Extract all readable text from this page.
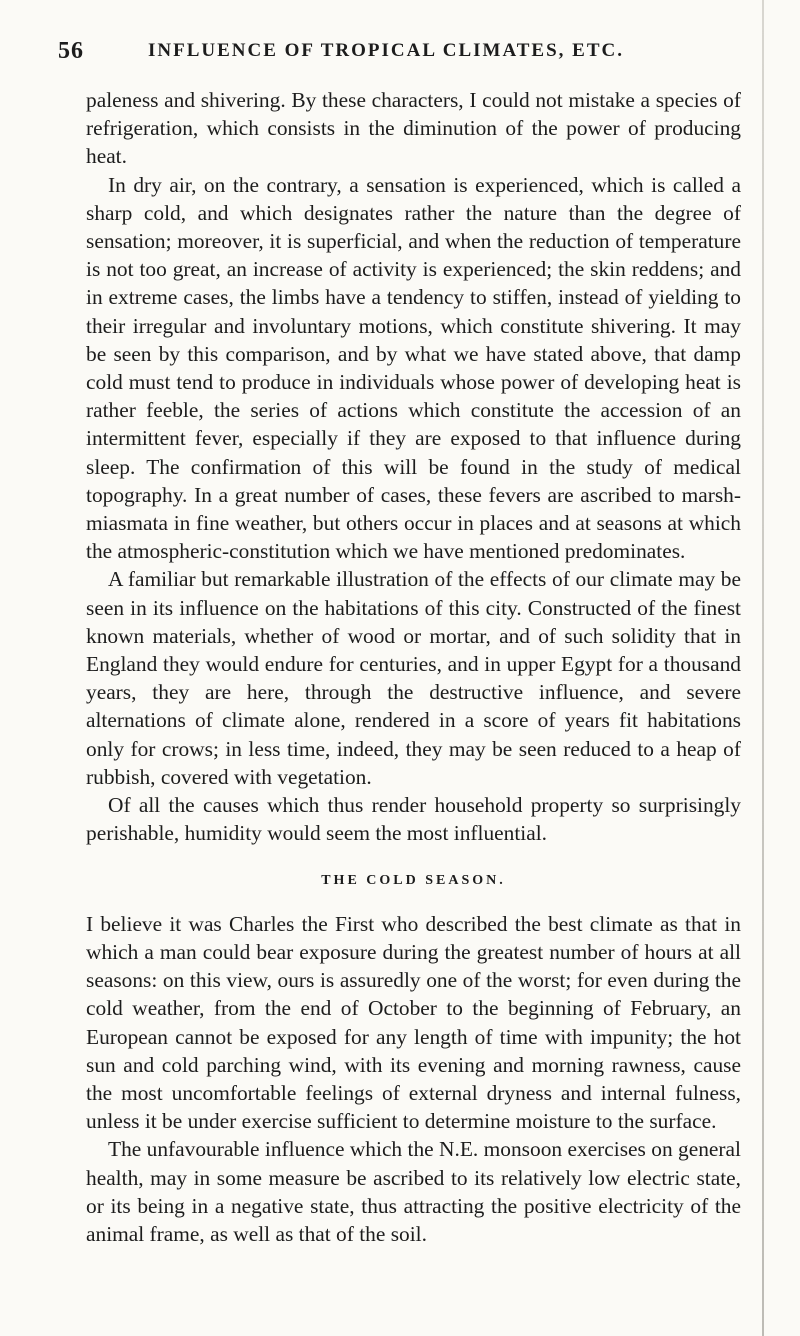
56	INFLUENCE OF TROPICAL CLIMATES, ETC.

paleness and shivering. By these characters, I could not mistake a species of refrigeration, which consists in the diminution of the power of producing heat.

In dry air, on the contrary, a sensation is experienced, which is called a sharp cold, and which designates rather the nature than the degree of sensation; moreover, it is superficial, and when the reduction of temperature is not too great, an increase of activity is experienced; the skin reddens; and in extreme cases, the limbs have a tendency to stiffen, instead of yielding to their irregular and involuntary motions, which constitute shivering. It may be seen by this comparison, and by what we have stated above, that damp cold must tend to produce in individuals whose power of developing heat is rather feeble, the series of actions which constitute the accession of an intermittent fever, especially if they are exposed to that influence during sleep. The confirmation of this will be found in the study of medical topography. In a great number of cases, these fevers are ascribed to marsh-miasmata in fine weather, but others occur in places and at seasons at which the atmospheric-constitution which we have mentioned predominates.

A familiar but remarkable illustration of the effects of our climate may be seen in its influence on the habitations of this city. Constructed of the finest known materials, whether of wood or mortar, and of such solidity that in England they would endure for centuries, and in upper Egypt for a thousand years, they are here, through the destructive influence, and severe alternations of climate alone, rendered in a score of years fit habitations only for crows; in less time, indeed, they may be seen reduced to a heap of rubbish, covered with vegetation.

Of all the causes which thus render household property so surprisingly perishable, humidity would seem the most influential.

THE COLD SEASON.

I believe it was Charles the First who described the best climate as that in which a man could bear exposure during the greatest number of hours at all seasons: on this view, ours is assuredly one of the worst; for even during the cold weather, from the end of October to the beginning of February, an European cannot be exposed for any length of time with impunity; the hot sun and cold parching wind, with its evening and morning rawness, cause the most uncomfortable feelings of external dryness and internal fulness, unless it be under exercise sufficient to determine moisture to the surface.

The unfavourable influence which the N.E. monsoon exercises on general health, may in some measure be ascribed to its relatively low electric state, or its being in a negative state, thus attracting the positive electricity of the animal frame, as well as that of the soil.
